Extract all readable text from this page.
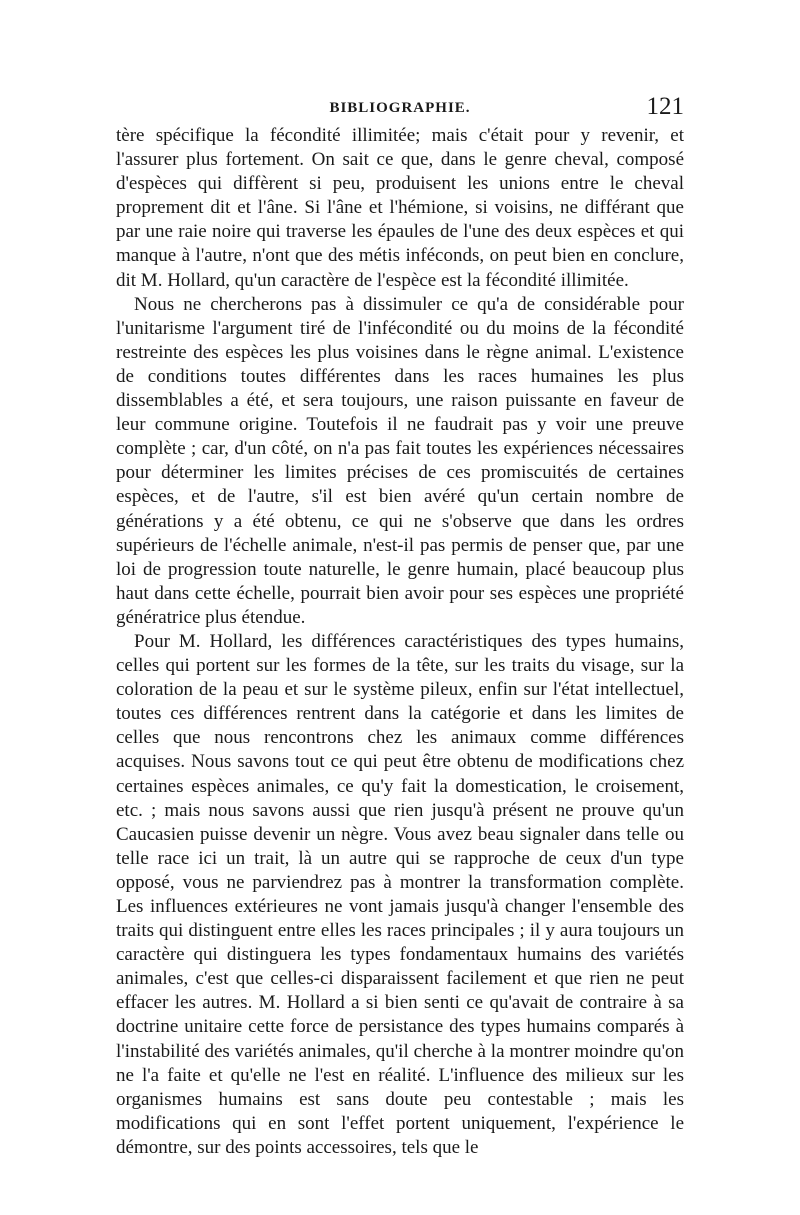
BIBLIOGRAPHIE.	121

tère spécifique la fécondité illimitée; mais c'était pour y revenir, et l'assurer plus fortement. On sait ce que, dans le genre cheval, composé d'espèces qui diffèrent si peu, produisent les unions entre le cheval proprement dit et l'âne. Si l'âne et l'hémione, si voisins, ne différant que par une raie noire qui traverse les épaules de l'une des deux espèces et qui manque à l'autre, n'ont que des métis inféconds, on peut bien en conclure, dit M. Hollard, qu'un caractère de l'espèce est la fécondité illimitée.

Nous ne chercherons pas à dissimuler ce qu'a de considérable pour l'unitarisme l'argument tiré de l'infécondité ou du moins de la fécondité restreinte des espèces les plus voisines dans le règne animal. L'existence de conditions toutes différentes dans les races humaines les plus dissemblables a été, et sera toujours, une raison puissante en faveur de leur commune origine. Toutefois il ne faudrait pas y voir une preuve complète ; car, d'un côté, on n'a pas fait toutes les expériences nécessaires pour déterminer les limites précises de ces promiscuités de certaines espèces, et de l'autre, s'il est bien avéré qu'un certain nombre de générations y a été obtenu, ce qui ne s'observe que dans les ordres supérieurs de l'échelle animale, n'est-il pas permis de penser que, par une loi de progression toute naturelle, le genre humain, placé beaucoup plus haut dans cette échelle, pourrait bien avoir pour ses espèces une propriété génératrice plus étendue.

Pour M. Hollard, les différences caractéristiques des types humains, celles qui portent sur les formes de la tête, sur les traits du visage, sur la coloration de la peau et sur le système pileux, enfin sur l'état intellectuel, toutes ces différences rentrent dans la catégorie et dans les limites de celles que nous rencontrons chez les animaux comme différences acquises. Nous savons tout ce qui peut être obtenu de modifications chez certaines espèces animales, ce qu'y fait la domestication, le croisement, etc. ; mais nous savons aussi que rien jusqu'à présent ne prouve qu'un Caucasien puisse devenir un nègre. Vous avez beau signaler dans telle ou telle race ici un trait, là un autre qui se rapproche de ceux d'un type opposé, vous ne parviendrez pas à montrer la transformation complète. Les influences extérieures ne vont jamais jusqu'à changer l'ensemble des traits qui distinguent entre elles les races principales ; il y aura toujours un caractère qui distinguera les types fondamentaux humains des variétés animales, c'est que celles-ci disparaissent facilement et que rien ne peut effacer les autres. M. Hollard a si bien senti ce qu'avait de contraire à sa doctrine unitaire cette force de persistance des types humains comparés à l'instabilité des variétés animales, qu'il cherche à la montrer moindre qu'on ne l'a faite et qu'elle ne l'est en réalité. L'influence des milieux sur les organismes humains est sans doute peu contestable ; mais les modifications qui en sont l'effet portent uniquement, l'expérience le démontre, sur des points accessoires, tels que le
